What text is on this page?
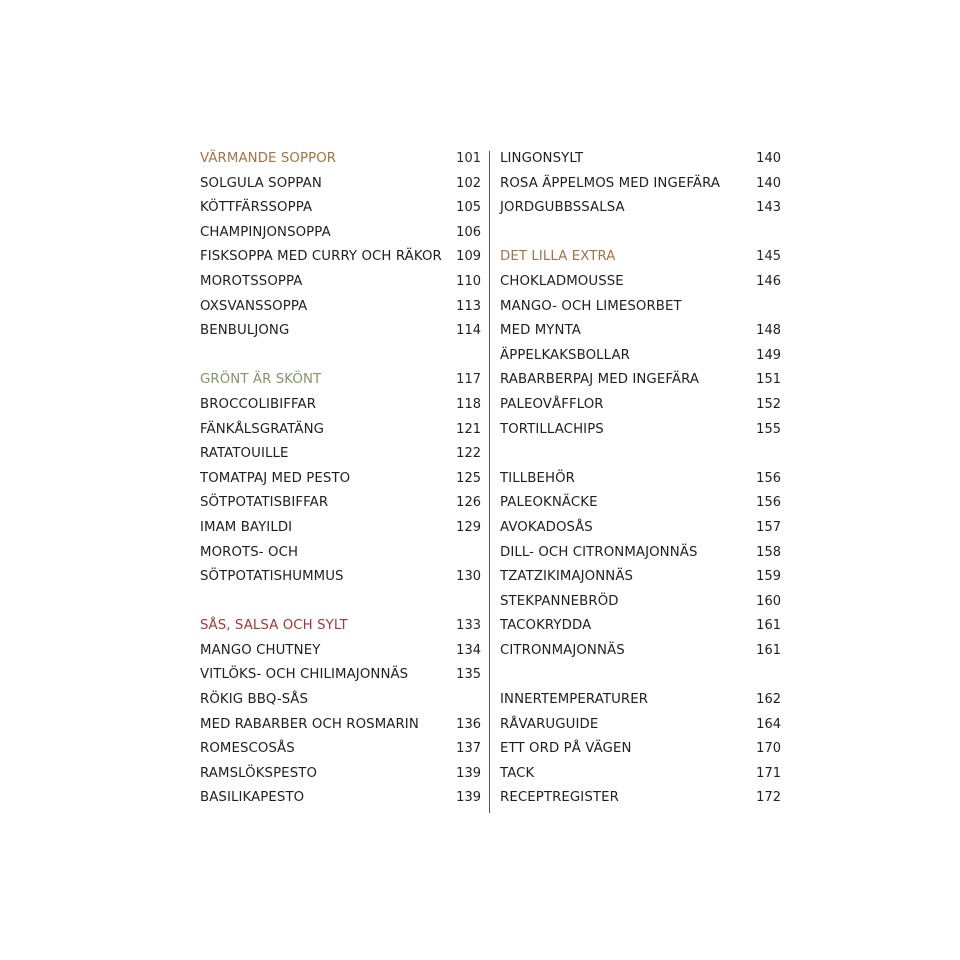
VÄRMANDE SOPPOR	101
SOLGULA SOPPAN	102
KÖTTFÄRSSOPPA	105
CHAMPINJONSOPPA	106
FISKSOPPA MED CURRY OCH RÄKOR 109
MOROTSSOPPA	110
OXSVANSSOPPA	113
BENBULJONG	114
GRÖNT ÄR SKÖNT	117
BROCCOLIBIFFAR	118
FÄNKÅLSGRATÄNG	121
RATATOUILLE	122
TOMATPAJ MED PESTO	125
SÖTPOTATISBIFFAR	126
IMAM BAYILDI	129
MOROTS- OCH
SÖTPOTATISHUMMUS	130
SÅS, SALSA OCH SYLT	133
MANGO CHUTNEY	134
VITLÖKS- OCH CHILIMAJONNÄS	135
RÖKIG BBQ-SÅS
MED RABARBER OCH ROSMARIN	136
ROMESCOSÅS	137
RAMSLÖKSPESTO	139
BASILIKAPESTO	139
LINGONSYLT	140
ROSA ÄPPELMOS MED INGEFÄRA	140
JORDGUBBSSALSA	143
DET LILLA EXTRA	145
CHOKLADMOUSSE	146
MANGO- OCH LIMESORBET
MED MYNTA	148
ÄPPELKAKSBOLLAR	149
RABARBERPAJ MED INGEFÄRA	151
PALEOVÅFFLOR	152
TORTILLACHIPS	155
TILLBEHÖR	156
PALEOKNÄCKE	156
AVOKADOSÅS	157
DILL- OCH CITRONMAJONNÄS	158
TZATZIKIMAJONNÄS	159
STEKPANNEBRÖD	160
TACOKRYDDA	161
CITRONMAJONNÄS	161
INNERTEMPERATURER	162
RÅVARUGUIDE	164
ETT ORD PÅ VÄGEN	170
TACK	171
RECEPTREGISTER	172
